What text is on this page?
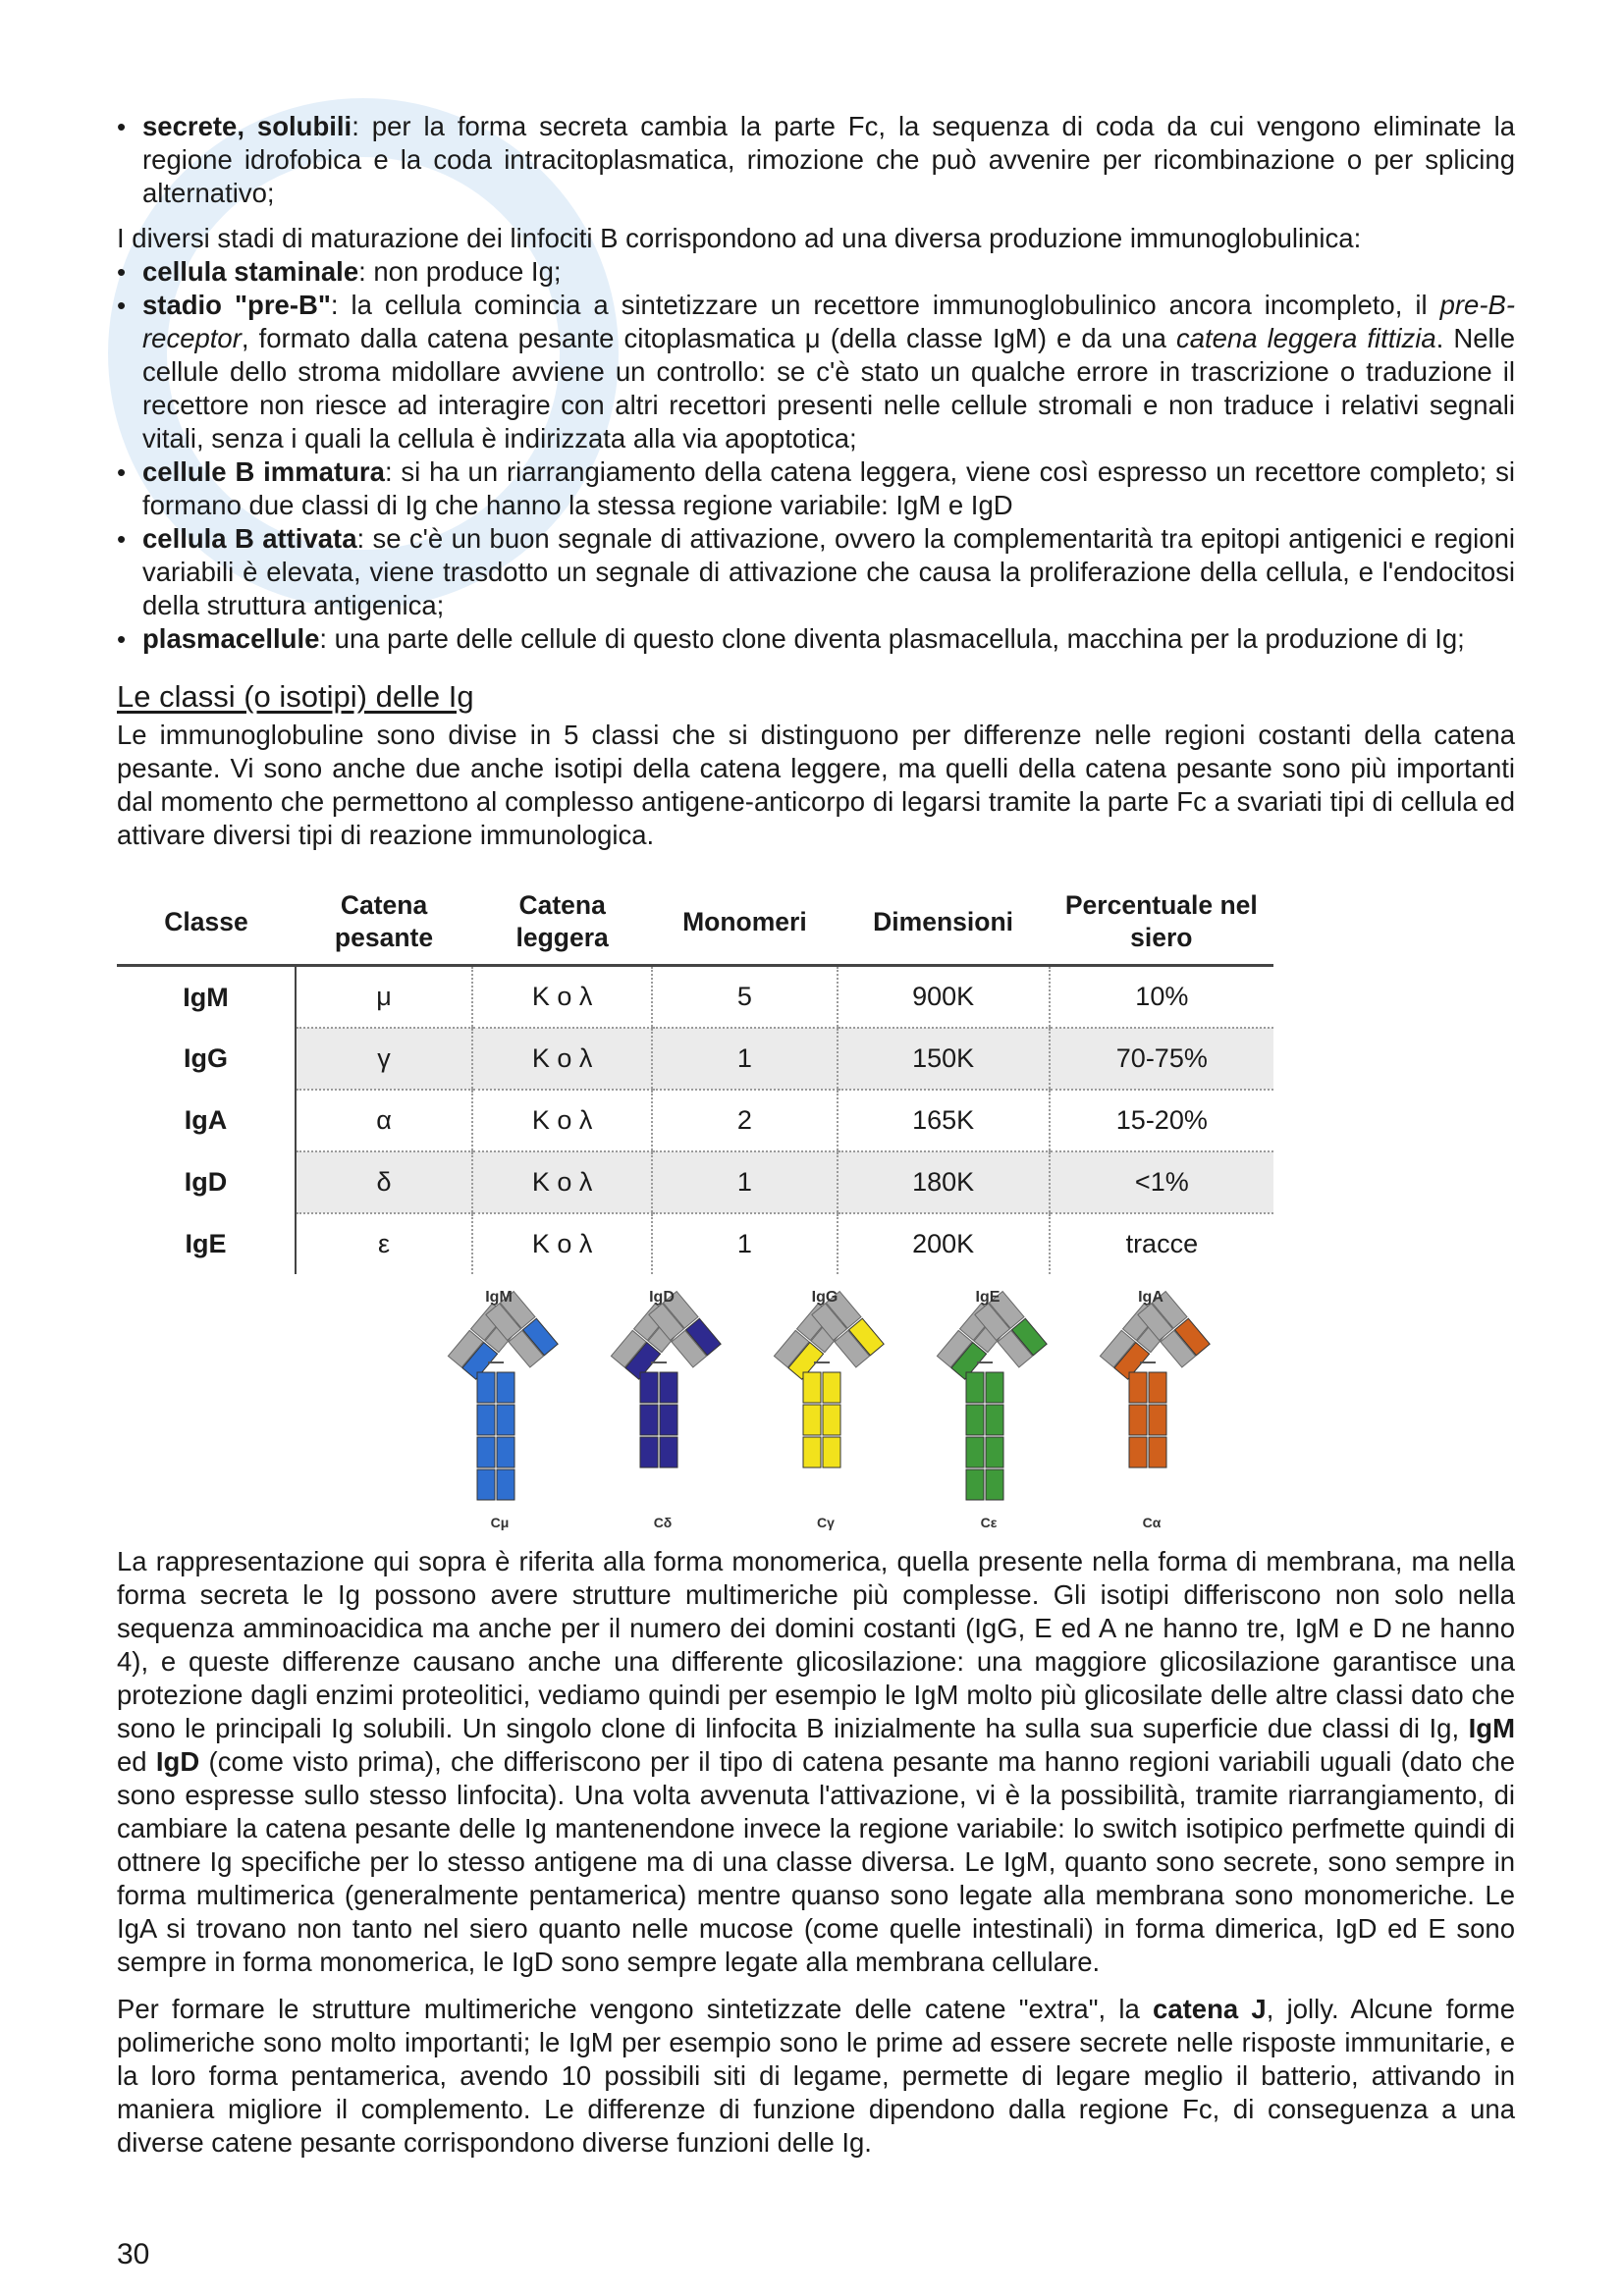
• secrete, solubili: per la forma secreta cambia la parte Fc, la sequenza di coda da cui vengono eliminate la regione idrofobica e la coda intracitoplasmatica, rimozione che può avvenire per ricombinazione o per splicing alternativo;

I diversi stadi di maturazione dei linfociti B corrispondono ad una diversa produzione immunoglobulinica:

• cellula staminale: non produce Ig;
• stadio "pre-B": la cellula comincia a sintetizzare un recettore immunoglobulinico ancora incompleto, il pre-B-receptor, formato dalla catena pesante citoplasmatica μ (della classe IgM) e da una catena leggera fittizia. Nelle cellule dello stroma midollare avviene un controllo: se c'è stato un qualche errore in trascrizione o traduzione il recettore non riesce ad interagire con altri recettori presenti nelle cellule stromali e non traduce i relativi segnali vitali, senza i quali la cellula è indirizzata alla via apoptotica;
• cellule B immatura: si ha un riarrangiamento della catena leggera, viene così espresso un recettore completo; si formano due classi di Ig che hanno la stessa regione variabile: IgM e IgD
• cellula B attivata: se c'è un buon segnale di attivazione, ovvero la complementarità tra epitopi antigenici e regioni variabili è elevata, viene trasdotto un segnale di attivazione che causa la proliferazione della cellula, e l'endocitosi della struttura antigenica;
• plasmacellule: una parte delle cellule di questo clone diventa plasmacellula, macchina per la produzione di Ig;
Le classi (o isotipi) delle Ig

Le immunoglobuline sono divise in 5 classi che si distinguono per differenze nelle regioni costanti della catena pesante. Vi sono anche due anche isotipi della catena leggere, ma quelli della catena pesante sono più importanti dal momento che permettono al complesso antigene-anticorpo di legarsi tramite la parte Fc a svariati tipi di cellula ed attivare diversi tipi di reazione immunologica.

Classe	Catena pesante	Catena leggera	Monomeri	Dimensioni	Percentuale nel siero
IgM	μ	K o λ	5	900K	10%
IgG	γ	K o λ	1	150K	70-75%
IgA	α	K o λ	2	165K	15-20%
IgD	δ	K o λ	1	180K	<1%
IgE	ε	K o λ	1	200K	tracce
IgM
Cμ
IgD
Cδ
IgG
Cγ
IgE
Cε
IgA
Cα

La rappresentazione qui sopra è riferita alla forma monomerica, quella presente nella forma di membrana, ma nella forma secreta le Ig possono avere strutture multimeriche più complesse. Gli isotipi differiscono non solo nella sequenza amminoacidica ma anche per il numero dei domini costanti (IgG, E ed A ne hanno tre, IgM e D ne hanno 4), e queste differenze causano anche una differente glicosilazione: una maggiore glicosilazione garantisce una protezione dagli enzimi proteolitici, vediamo quindi per esempio le IgM molto più glicosilate delle altre classi dato che sono le principali Ig solubili. Un singolo clone di linfocita B inizialmente ha sulla sua superficie due classi di Ig, IgM ed IgD (come visto prima), che differiscono per il tipo di catena pesante ma hanno regioni variabili uguali (dato che sono espresse sullo stesso linfocita). Una volta avvenuta l'attivazione, vi è la possibilità, tramite riarrangiamento, di cambiare la catena pesante delle Ig mantenendone invece la regione variabile: lo switch isotipico perfmette quindi di ottnere Ig specifiche per lo stesso antigene ma di una classe diversa. Le IgM, quanto sono secrete, sono sempre in forma multimerica (generalmente pentamerica) mentre quanso sono legate alla membrana sono monomeriche. Le IgA si trovano non tanto nel siero quanto nelle mucose (come quelle intestinali) in forma dimerica, IgD ed E sono sempre in forma monomerica, le IgD sono sempre legate alla membrana cellulare.

Per formare le strutture multimeriche vengono sintetizzate delle catene "extra", la catena J, jolly. Alcune forme polimeriche sono molto importanti; le IgM per esempio sono le prime ad essere secrete nelle risposte immunitarie, e la loro forma pentamerica, avendo 10 possibili siti di legame, permette di legare meglio il batterio, attivando in maniera migliore il complemento. Le differenze di funzione dipendono dalla regione Fc, di conseguenza a una diverse catene pesante corrispondono diverse funzioni delle Ig.

30
